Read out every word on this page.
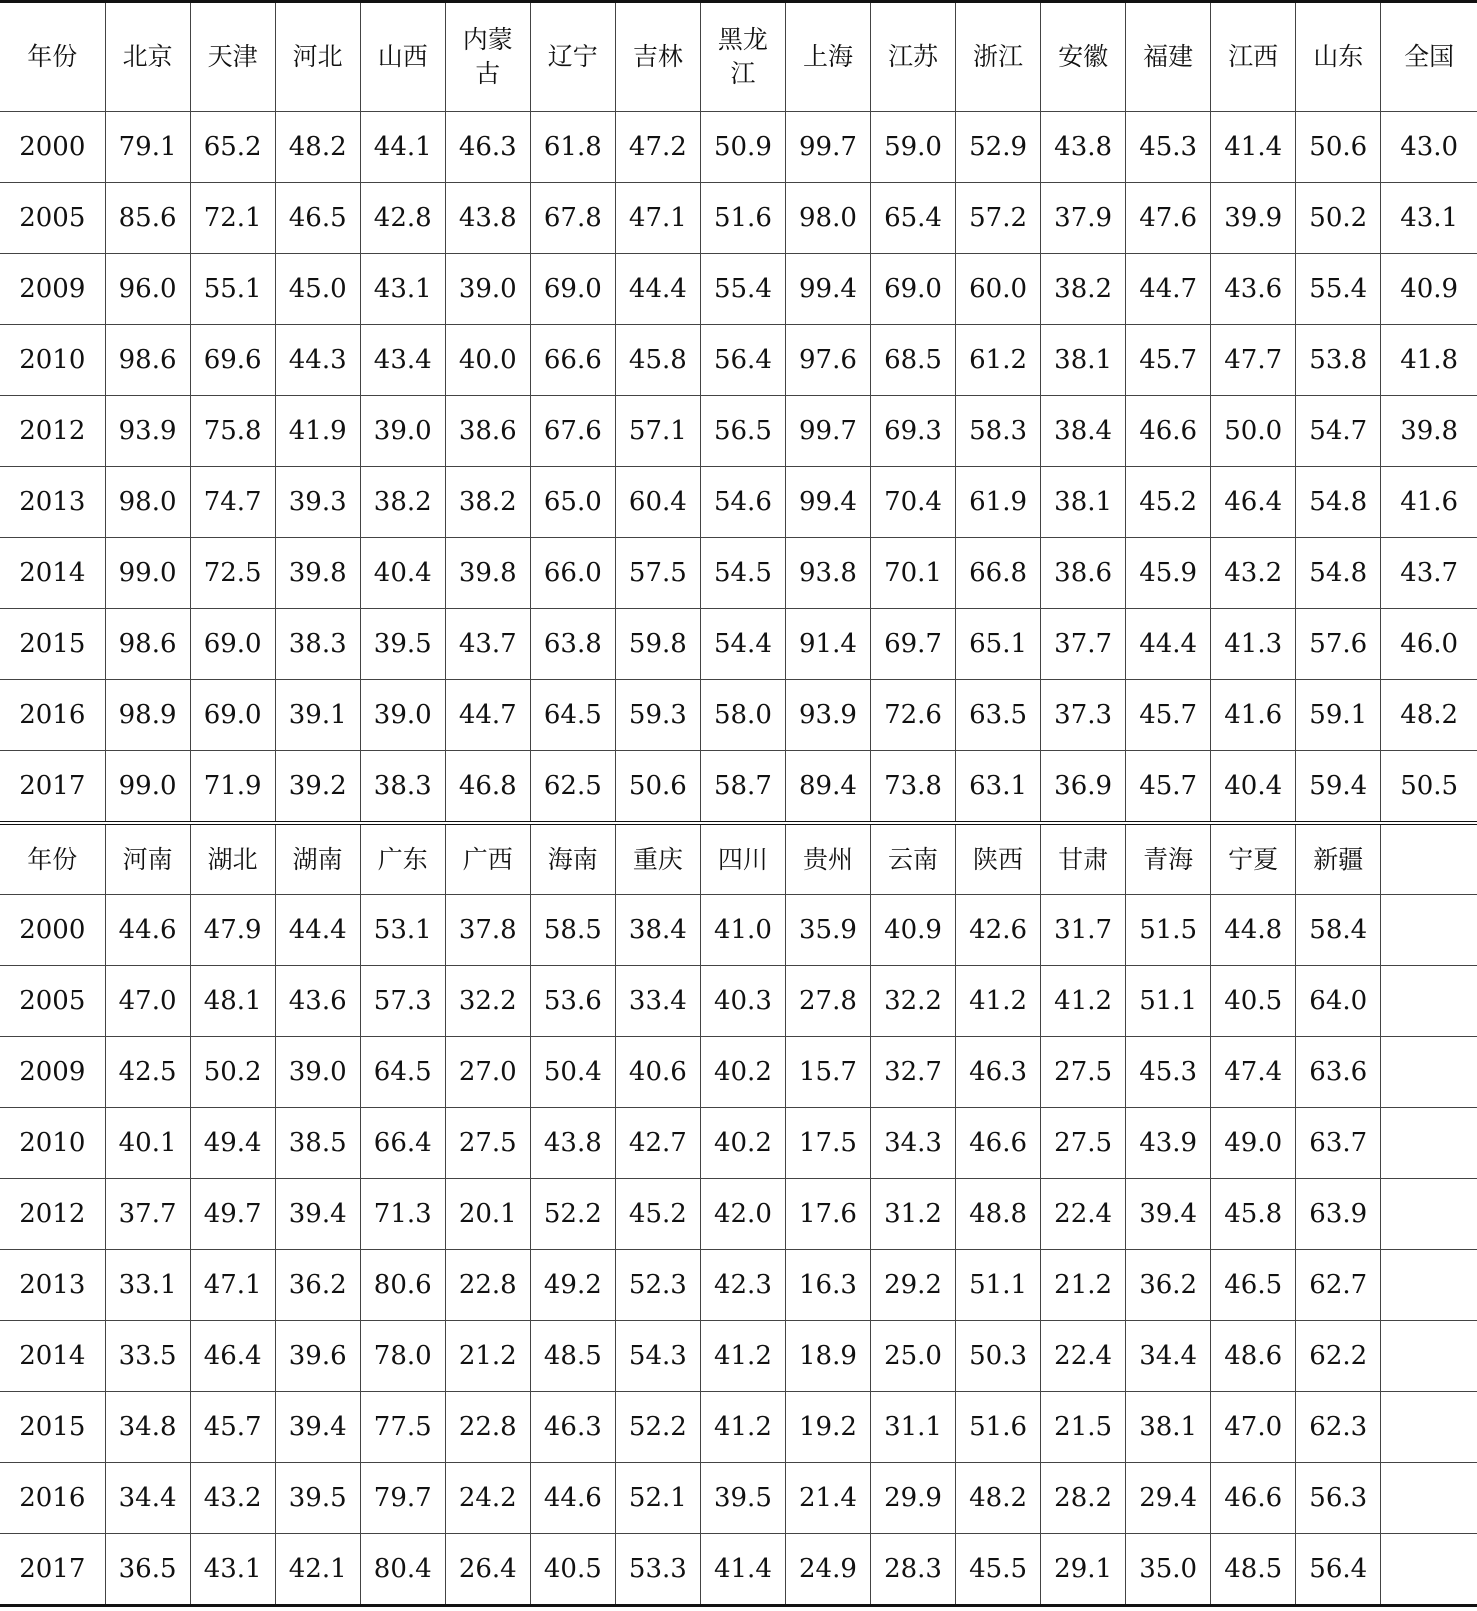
年份	北京	天津	河北	山西	内蒙古	辽宁	吉林	黑龙江	上海	江苏	浙江	安徽	福建	江西	山东	全国
2000	79.1	65.2	48.2	44.1	46.3	61.8	47.2	50.9	99.7	59.0	52.9	43.8	45.3	41.4	50.6	43.0
2005	85.6	72.1	46.5	42.8	43.8	67.8	47.1	51.6	98.0	65.4	57.2	37.9	47.6	39.9	50.2	43.1
2009	96.0	55.1	45.0	43.1	39.0	69.0	44.4	55.4	99.4	69.0	60.0	38.2	44.7	43.6	55.4	40.9
2010	98.6	69.6	44.3	43.4	40.0	66.6	45.8	56.4	97.6	68.5	61.2	38.1	45.7	47.7	53.8	41.8
2012	93.9	75.8	41.9	39.0	38.6	67.6	57.1	56.5	99.7	69.3	58.3	38.4	46.6	50.0	54.7	39.8
2013	98.0	74.7	39.3	38.2	38.2	65.0	60.4	54.6	99.4	70.4	61.9	38.1	45.2	46.4	54.8	41.6
2014	99.0	72.5	39.8	40.4	39.8	66.0	57.5	54.5	93.8	70.1	66.8	38.6	45.9	43.2	54.8	43.7
2015	98.6	69.0	38.3	39.5	43.7	63.8	59.8	54.4	91.4	69.7	65.1	37.7	44.4	41.3	57.6	46.0
2016	98.9	69.0	39.1	39.0	44.7	64.5	59.3	58.0	93.9	72.6	63.5	37.3	45.7	41.6	59.1	48.2
2017	99.0	71.9	39.2	38.3	46.8	62.5	50.6	58.7	89.4	73.8	63.1	36.9	45.7	40.4	59.4	50.5
年份	河南	湖北	湖南	广东	广西	海南	重庆	四川	贵州	云南	陕西	甘肃	青海	宁夏	新疆	
2000	44.6	47.9	44.4	53.1	37.8	58.5	38.4	41.0	35.9	40.9	42.6	31.7	51.5	44.8	58.4	
2005	47.0	48.1	43.6	57.3	32.2	53.6	33.4	40.3	27.8	32.2	41.2	41.2	51.1	40.5	64.0	
2009	42.5	50.2	39.0	64.5	27.0	50.4	40.6	40.2	15.7	32.7	46.3	27.5	45.3	47.4	63.6	
2010	40.1	49.4	38.5	66.4	27.5	43.8	42.7	40.2	17.5	34.3	46.6	27.5	43.9	49.0	63.7	
2012	37.7	49.7	39.4	71.3	20.1	52.2	45.2	42.0	17.6	31.2	48.8	22.4	39.4	45.8	63.9	
2013	33.1	47.1	36.2	80.6	22.8	49.2	52.3	42.3	16.3	29.2	51.1	21.2	36.2	46.5	62.7	
2014	33.5	46.4	39.6	78.0	21.2	48.5	54.3	41.2	18.9	25.0	50.3	22.4	34.4	48.6	62.2	
2015	34.8	45.7	39.4	77.5	22.8	46.3	52.2	41.2	19.2	31.1	51.6	21.5	38.1	47.0	62.3	
2016	34.4	43.2	39.5	79.7	24.2	44.6	52.1	39.5	21.4	29.9	48.2	28.2	29.4	46.6	56.3	
2017	36.5	43.1	42.1	80.4	26.4	40.5	53.3	41.4	24.9	28.3	45.5	29.1	35.0	48.5	56.4	
